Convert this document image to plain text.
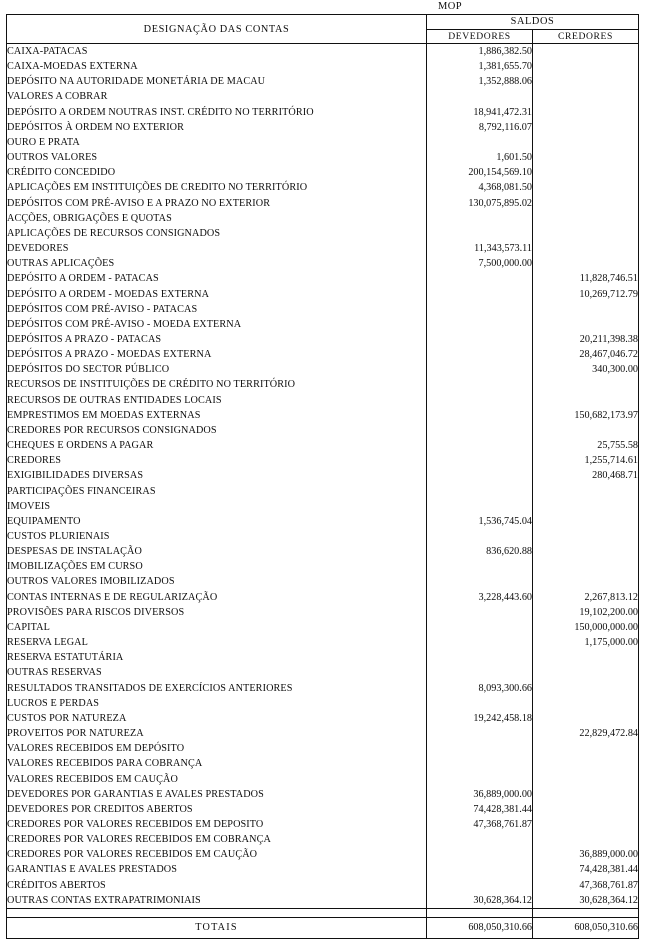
MOP
DESIGNAÇÃO DAS CONTAS	SALDOS	
	DEVEDORES	CREDORES
CAIXA-PATACAS	1,886,382.50	
CAIXA-MOEDAS EXTERNA	1,381,655.70	
DEPÓSITO NA AUTORIDADE MONETÁRIA DE MACAU	1,352,888.06	
VALORES A COBRAR		
DEPÓSITO A ORDEM NOUTRAS INST. CRÉDITO NO TERRITÓRIO	18,941,472.31	
DEPÓSITOS À ORDEM NO EXTERIOR	8,792,116.07	
OURO E PRATA		
OUTROS VALORES	1,601.50	
CRÉDITO CONCEDIDO	200,154,569.10	
APLICAÇÕES EM INSTITUIÇÕES DE CREDITO NO TERRITÓRIO	4,368,081.50	
DEPÓSITOS COM PRÉ-AVISO E A PRAZO NO EXTERIOR	130,075,895.02	
ACÇÕES, OBRIGAÇÕES E QUOTAS		
APLICAÇÕES DE RECURSOS CONSIGNADOS		
DEVEDORES	11,343,573.11	
OUTRAS APLICAÇÕES	7,500,000.00	
DEPÓSITO A ORDEM - PATACAS		11,828,746.51
DEPÓSITO A ORDEM - MOEDAS EXTERNA		10,269,712.79
DEPÓSITOS COM PRÉ-AVISO - PATACAS		
DEPÓSITOS COM PRÉ-AVISO - MOEDA EXTERNA		
DEPÓSITOS A PRAZO - PATACAS		20,211,398.38
DEPÓSITOS A PRAZO - MOEDAS EXTERNA		28,467,046.72
DEPÓSITOS DO SECTOR PÚBLICO		340,300.00
RECURSOS DE INSTITUIÇÕES DE CRÉDITO NO TERRITÓRIO		
RECURSOS DE OUTRAS ENTIDADES LOCAIS		
EMPRESTIMOS EM MOEDAS EXTERNAS		150,682,173.97
CREDORES POR RECURSOS CONSIGNADOS		
CHEQUES E ORDENS A PAGAR		25,755.58
CREDORES		1,255,714.61
EXIGIBILIDADES DIVERSAS		280,468.71
PARTICIPAÇÕES FINANCEIRAS		
IMOVEIS		
EQUIPAMENTO	1,536,745.04	
CUSTOS PLURIENAIS		
DESPESAS DE INSTALAÇÃO	836,620.88	
IMOBILIZAÇÕES EM CURSO		
OUTROS VALORES IMOBILIZADOS		
CONTAS INTERNAS E DE REGULARIZAÇÃO	3,228,443.60	2,267,813.12
PROVISÕES PARA RISCOS DIVERSOS		19,102,200.00
CAPITAL		150,000,000.00
RESERVA LEGAL		1,175,000.00
RESERVA ESTATUTÁRIA		
OUTRAS RESERVAS		
RESULTADOS TRANSITADOS DE EXERCÍCIOS ANTERIORES	8,093,300.66	
LUCROS E PERDAS		
CUSTOS POR NATUREZA	19,242,458.18	
PROVEITOS POR NATUREZA		22,829,472.84
VALORES RECEBIDOS EM DEPÓSITO		
VALORES RECEBIDOS PARA COBRANÇA		
VALORES RECEBIDOS EM CAUÇÃO		
DEVEDORES POR GARANTIAS E AVALES PRESTADOS	36,889,000.00	
DEVEDORES POR CREDITOS ABERTOS	74,428,381.44	
CREDORES POR VALORES RECEBIDOS EM DEPOSITO	47,368,761.87	
CREDORES POR VALORES RECEBIDOS EM COBRANÇA		
CREDORES POR VALORES RECEBIDOS EM CAUÇÃO		36,889,000.00
GARANTIAS E AVALES PRESTADOS		74,428,381.44
CRÉDITOS ABERTOS		47,368,761.87
OUTRAS CONTAS EXTRAPATRIMONIAIS	30,628,364.12	30,628,364.12

TOTAIS	608,050,310.66	608,050,310.66
